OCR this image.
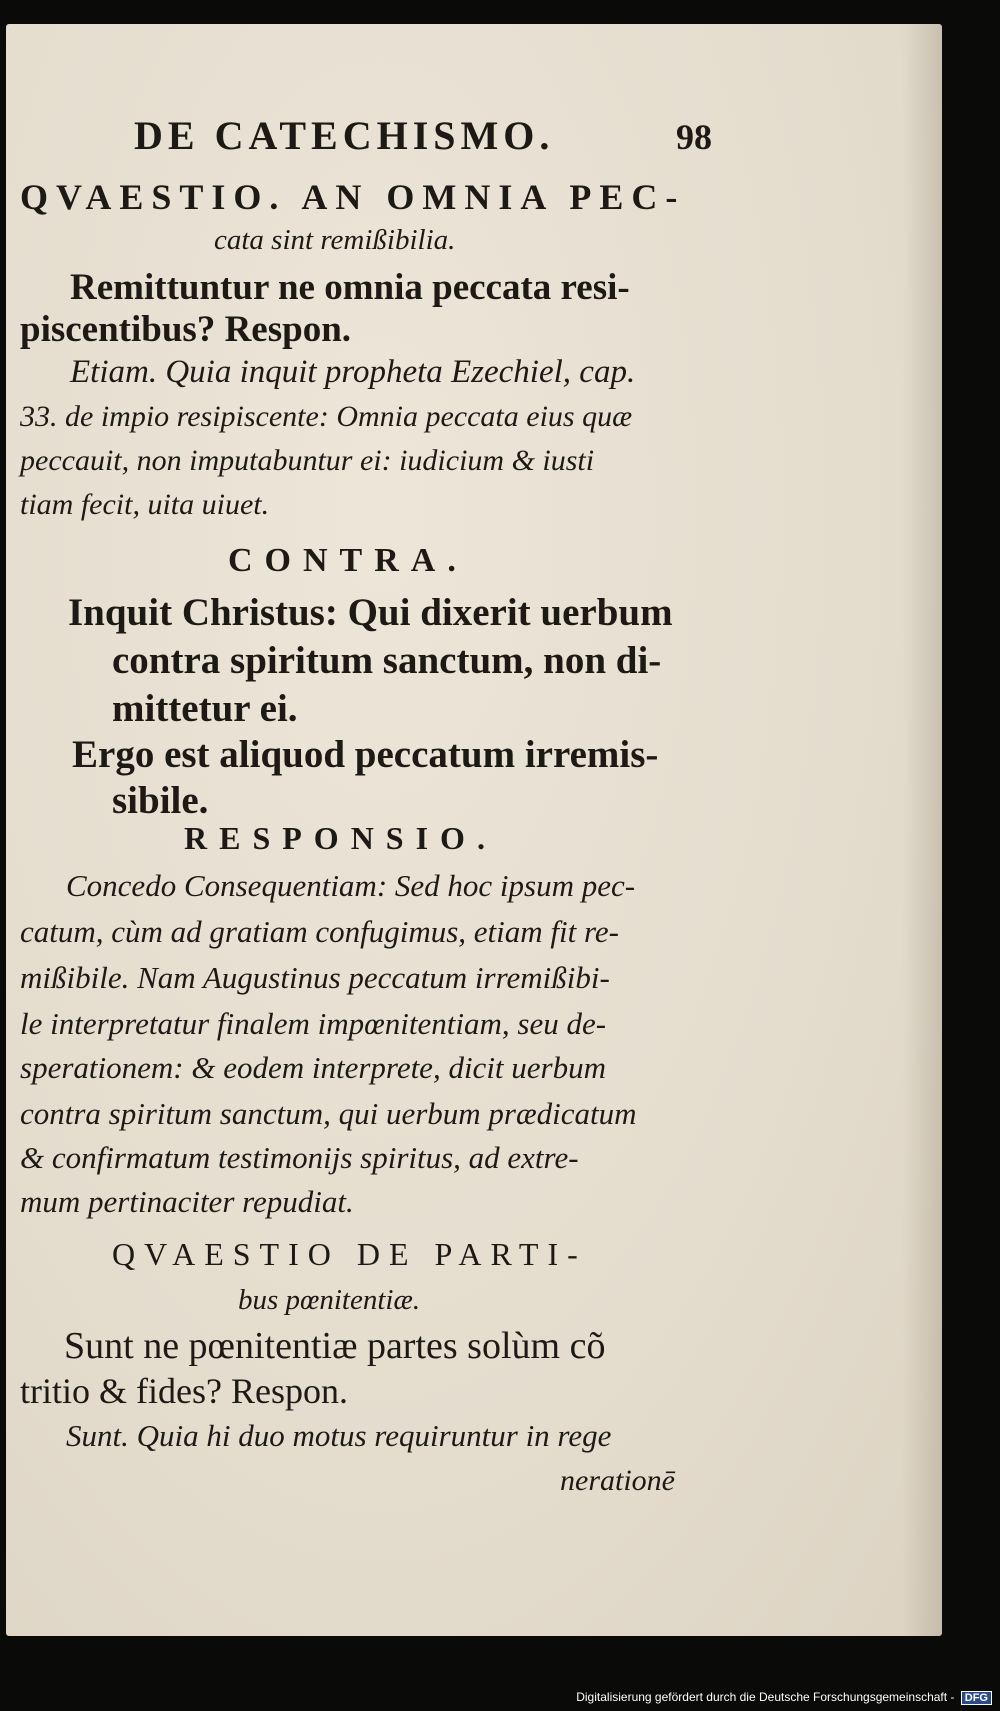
DE CATECHISMO.	98
QVAESTIO. AN OMNIA PEC-
cata sint remißibilia.
Remittuntur ne omnia peccata resi-
piscentibus? Respon.
Etiam. Quia inquit propheta Ezechiel, cap.
33. de impio resipiscente: Omnia peccata eius quæ
peccauit, non imputabuntur ei: iudicium & iusti
tiam fecit, uita uiuet.
CONTRA.
Inquit Christus: Qui dixerit uerbum
contra spiritum sanctum, non di-
mittetur ei.
Ergo est aliquod peccatum irremis-
sibile.
RESPONSIO.
Concedo Consequentiam: Sed hoc ipsum pec-
catum, cùm ad gratiam confugimus, etiam fit re-
mißibile. Nam Augustinus peccatum irremißibi-
le interpretatur finalem impœnitentiam, seu de-
sperationem: & eodem interprete, dicit uerbum
contra spiritum sanctum, qui uerbum prædicatum
& confirmatum testimonijs spiritus, ad extre-
mum pertinaciter repudiat.
QVAESTIO DE PARTI-
bus pœnitentiæ.
Sunt ne pœnitentiæ partes solùm cõ
tritio & fides? Respon.
Sunt. Quia hi duo motus requiruntur in rege
nerationē
Digitalisierung gefördert durch die Deutsche Forschungsgemeinschaft - DFG
